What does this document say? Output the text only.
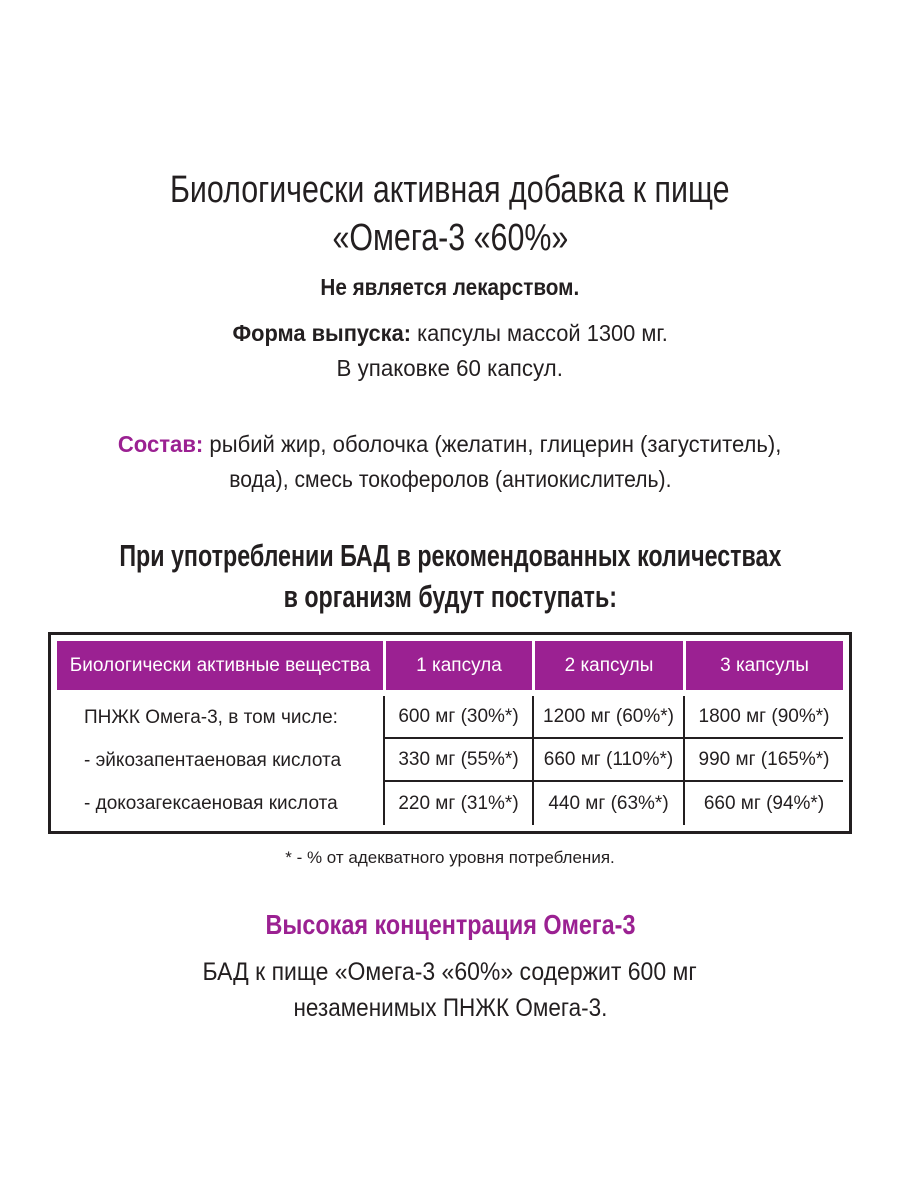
Биологически активная добавка к пище
«Омега-3 «60%»
Не является лекарством.
Форма выпуска: капсулы массой 1300 мг.
В упаковке 60 капсул.
Состав: рыбий жир, оболочка (желатин, глицерин (загуститель),
вода), смесь токоферолов (антиокислитель).
При употреблении БАД в рекомендованных количествах
в организм будут поступать:
Биологически активные вещества	1 капсула	2 капсулы	3 капсулы
ПНЖК Омега-3, в том числе:	600 мг (30%*)	1200 мг (60%*)	1800 мг (90%*)
- эйкозапентаеновая кислота	330 мг (55%*)	660 мг (110%*)	990 мг (165%*)
- докозагексаеновая кислота	220 мг (31%*)	440 мг (63%*)	660 мг (94%*)
* - % от адекватного уровня потребления.
Высокая концентрация Омега-3
БАД к пище «Омега-3 «60%» содержит 600 мг
незаменимых ПНЖК Омега-3.
